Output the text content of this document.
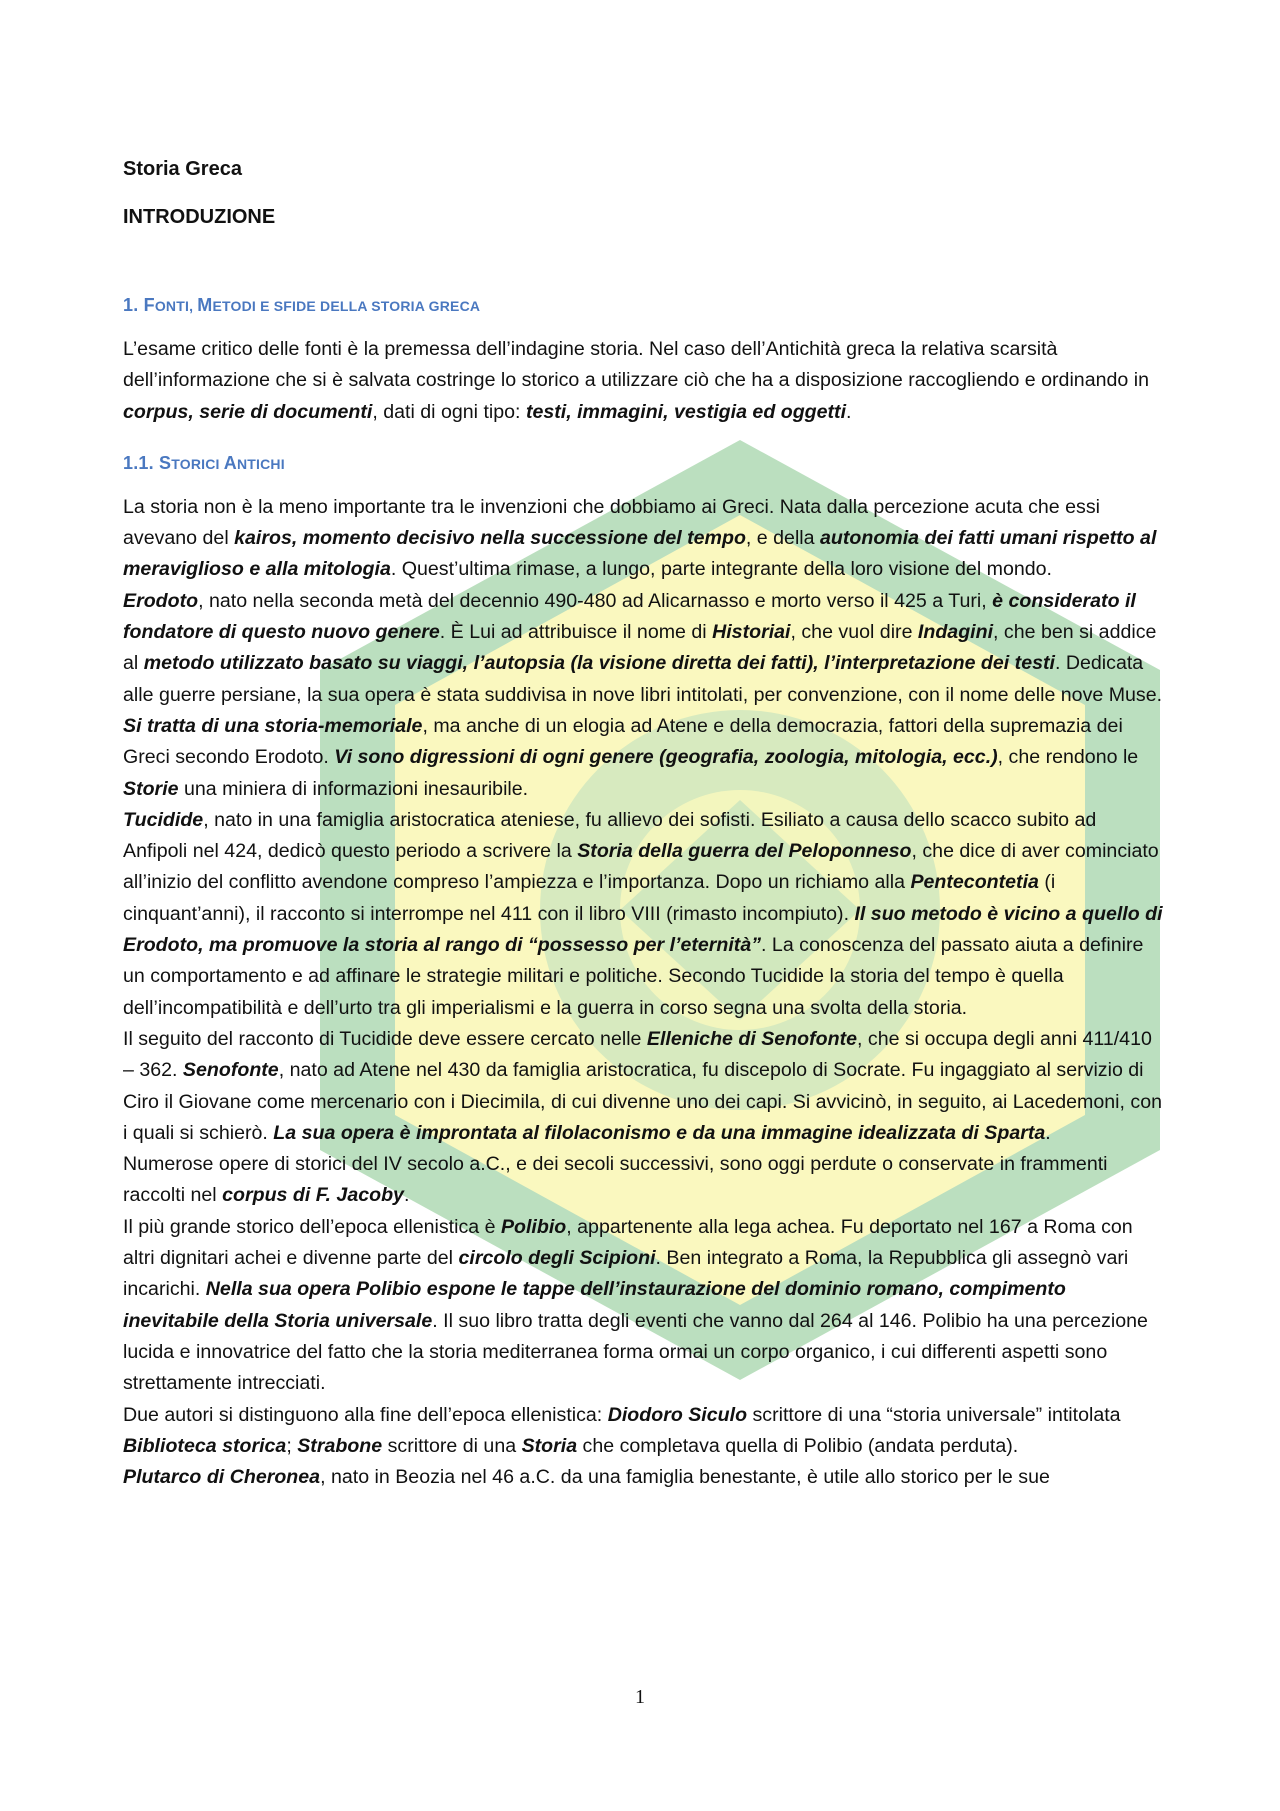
Storia Greca
INTRODUZIONE
1. FONTI, METODI E SFIDE DELLA STORIA GRECA

L’esame critico delle fonti è la premessa dell’indagine storia. Nel caso dell’Antichità greca la relativa scarsità dell’informazione che si è salvata costringe lo storico a utilizzare ciò che ha a disposizione raccogliendo e ordinando in corpus, serie di documenti, dati di ogni tipo: testi, immagini, vestigia ed oggetti.

1.1. STORICI ANTICHI

La storia non è la meno importante tra le invenzioni che dobbiamo ai Greci. Nata dalla percezione acuta che essi avevano del kairos, momento decisivo nella successione del tempo, e della autonomia dei fatti umani rispetto al meraviglioso e alla mitologia. Quest’ultima rimase, a lungo, parte integrante della loro visione del mondo.

Erodoto, nato nella seconda metà del decennio 490-480 ad Alicarnasso e morto verso il 425 a Turi, è considerato il fondatore di questo nuovo genere. È Lui ad attribuisce il nome di Historiai, che vuol dire Indagini, che ben si addice al metodo utilizzato basato su viaggi, l’autopsia (la visione diretta dei fatti), l’interpretazione dei testi. Dedicata alle guerre persiane, la sua opera è stata suddivisa in nove libri intitolati, per convenzione, con il nome delle nove Muse. Si tratta di una storia-memoriale, ma anche di un elogia ad Atene e della democrazia, fattori della supremazia dei Greci secondo Erodoto. Vi sono digressioni di ogni genere (geografia, zoologia, mitologia, ecc.), che rendono le Storie una miniera di informazioni inesauribile.

Tucidide, nato in una famiglia aristocratica ateniese, fu allievo dei sofisti. Esiliato a causa dello scacco subito ad Anfipoli nel 424, dedicò questo periodo a scrivere la Storia della guerra del Peloponneso, che dice di aver cominciato all’inizio del conflitto avendone compreso l’ampiezza e l’importanza. Dopo un richiamo alla Pentecontetia (i cinquant’anni), il racconto si interrompe nel 411 con il libro VIII (rimasto incompiuto). Il suo metodo è vicino a quello di Erodoto, ma promuove la storia al rango di “possesso per l’eternità”. La conoscenza del passato aiuta a definire un comportamento e ad affinare le strategie militari e politiche. Secondo Tucidide la storia del tempo è quella dell’incompatibilità e dell’urto tra gli imperialismi e la guerra in corso segna una svolta della storia.

Il seguito del racconto di Tucidide deve essere cercato nelle Elleniche di Senofonte, che si occupa degli anni 411/410 – 362. Senofonte, nato ad Atene nel 430 da famiglia aristocratica, fu discepolo di Socrate. Fu ingaggiato al servizio di Ciro il Giovane come mercenario con i Diecimila, di cui divenne uno dei capi. Si avvicinò, in seguito, ai Lacedemoni, con i quali si schierò. La sua opera è improntata al filolaconismo e da una immagine idealizzata di Sparta.

Numerose opere di storici del IV secolo a.C., e dei secoli successivi, sono oggi perdute o conservate in frammenti raccolti nel corpus di F. Jacoby.

Il più grande storico dell’epoca ellenistica è Polibio, appartenente alla lega achea. Fu deportato nel 167 a Roma con altri dignitari achei e divenne parte del circolo degli Scipioni. Ben integrato a Roma, la Repubblica gli assegnò vari incarichi. Nella sua opera Polibio espone le tappe dell’instaurazione del dominio romano, compimento inevitabile della Storia universale. Il suo libro tratta degli eventi che vanno dal 264 al 146. Polibio ha una percezione lucida e innovatrice del fatto che la storia mediterranea forma ormai un corpo organico, i cui differenti aspetti sono strettamente intrecciati.

Due autori si distinguono alla fine dell’epoca ellenistica: Diodoro Siculo scrittore di una “storia universale” intitolata Biblioteca storica; Strabone scrittore di una Storia che completava quella di Polibio (andata perduta).

Plutarco di Cheronea, nato in Beozia nel 46 a.C. da una famiglia benestante, è utile allo storico per le sue

1
